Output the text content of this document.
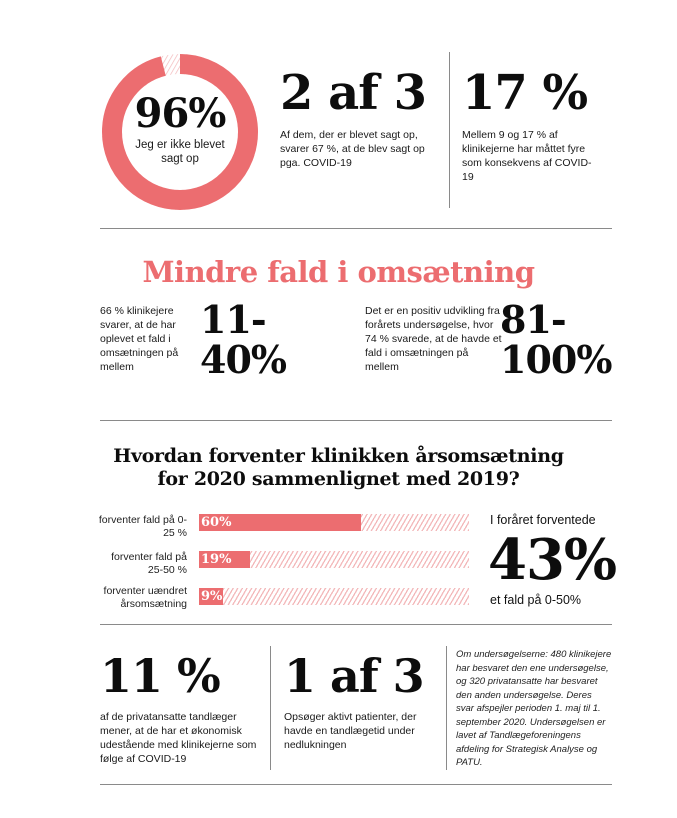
96%
Jeg er ikke blevet sagt op
2 af 3
Af dem, der er blevet sagt op, svarer 67 %, at de blev sagt op pga. COVID-19
17 %
Mellem 9 og 17 % af klinikejerne har måttet fyre som konsekvens af COVID-19
Mindre fald i omsætning
66 % klinikejere svarer, at de har oplevet et fald i omsætningen på mellem
11-
40%
Det er en positiv udvikling fra forårets undersøgelse, hvor 74 % svarede, at de havde et fald i omsætningen på mellem
81-
100%
Hvordan forventer klinikken årsomsætning
for 2020 sammenlignet med 2019?
forventer fald på 0-25 %
60%
forventer fald på 25-50 %
19%
forventer uændret årsomsætning 9%
I foråret forventede
43%
et fald på 0-50%
11 %
af de privatansatte tandlæger mener, at de har et økonomisk udestående med klinikejerne som følge af COVID-19
1 af 3
Opsøger aktivt patienter, der havde en tandlægetid under nedlukningen
Om undersøgelserne: 480 klinikejere har besvaret den ene undersøgelse, og 320 privatansatte har besvaret den anden undersøgelse. Deres svar afspejler perioden 1. maj til 1. september 2020. Undersøgelsen er lavet af Tandlægeforeningens afdeling for Strategisk Analyse og PATU.
